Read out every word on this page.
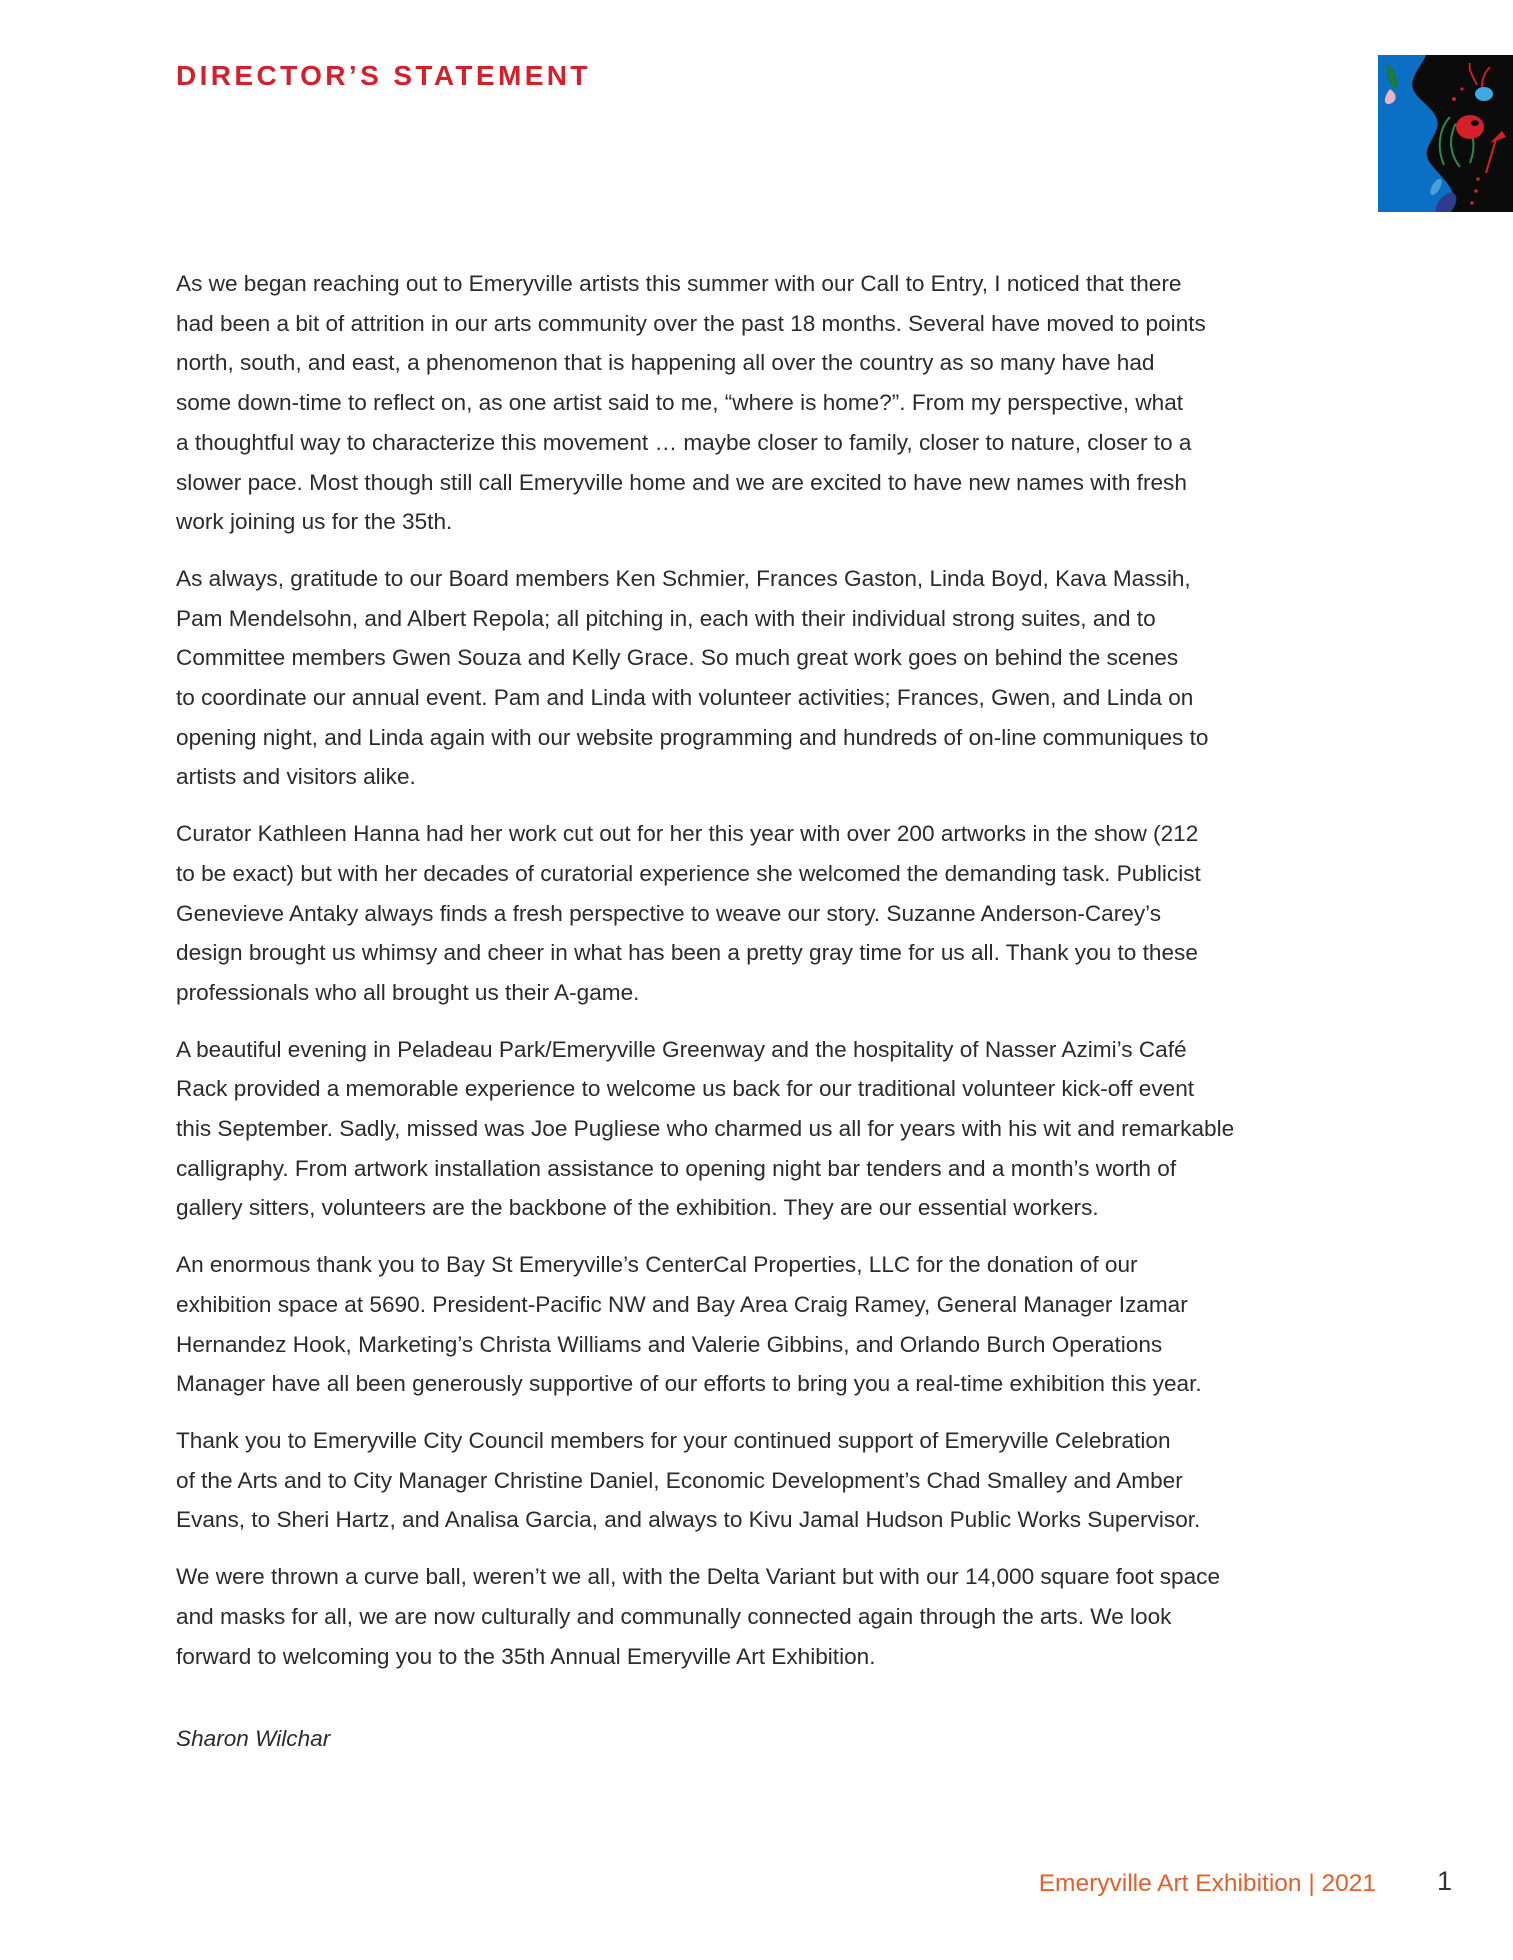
DIRECTOR’S STATEMENT

As we began reaching out to Emeryville artists this summer with our Call to Entry, I noticed that there
had been a bit of attrition in our arts community over the past 18 months. Several have moved to points
north, south, and east, a phenomenon that is happening all over the country as so many have had
some down-time to reflect on, as one artist said to me, “where is home?”. From my perspective, what
a thoughtful way to characterize this movement … maybe closer to family, closer to nature, closer to a
slower pace. Most though still call Emeryville home and we are excited to have new names with fresh
work joining us for the 35th.

As always, gratitude to our Board members Ken Schmier, Frances Gaston, Linda Boyd, Kava Massih,
Pam Mendelsohn, and Albert Repola; all pitching in, each with their individual strong suites, and to
Committee members Gwen Souza and Kelly Grace. So much great work goes on behind the scenes
to coordinate our annual event. Pam and Linda with volunteer activities; Frances, Gwen, and Linda on
opening night, and Linda again with our website programming and hundreds of on-line communiques to
artists and visitors alike.

Curator Kathleen Hanna had her work cut out for her this year with over 200 artworks in the show (212
to be exact) but with her decades of curatorial experience she welcomed the demanding task. Publicist
Genevieve Antaky always finds a fresh perspective to weave our story. Suzanne Anderson-Carey’s
design brought us whimsy and cheer in what has been a pretty gray time for us all. Thank you to these
professionals who all brought us their A-game.

A beautiful evening in Peladeau Park/Emeryville Greenway and the hospitality of Nasser Azimi’s Café
Rack provided a memorable experience to welcome us back for our traditional volunteer kick-off event
this September. Sadly, missed was Joe Pugliese who charmed us all for years with his wit and remarkable
calligraphy. From artwork installation assistance to opening night bar tenders and a month’s worth of
gallery sitters, volunteers are the backbone of the exhibition. They are our essential workers.

An enormous thank you to Bay St Emeryville’s CenterCal Properties, LLC for the donation of our
exhibition space at 5690. President-Pacific NW and Bay Area Craig Ramey, General Manager Izamar
Hernandez Hook, Marketing’s Christa Williams and Valerie Gibbins, and Orlando Burch Operations
Manager have all been generously supportive of our efforts to bring you a real-time exhibition this year.

Thank you to Emeryville City Council members for your continued support of Emeryville Celebration
of the Arts and to City Manager Christine Daniel, Economic Development’s Chad Smalley and Amber
Evans, to Sheri Hartz, and Analisa Garcia, and always to Kivu Jamal Hudson Public Works Supervisor.

We were thrown a curve ball, weren’t we all, with the Delta Variant but with our 14,000 square foot space
and masks for all, we are now culturally and communally connected again through the arts. We look
forward to welcoming you to the 35th Annual Emeryville Art Exhibition.

Sharon Wilchar

Emeryville Art Exhibition | 2021 1
